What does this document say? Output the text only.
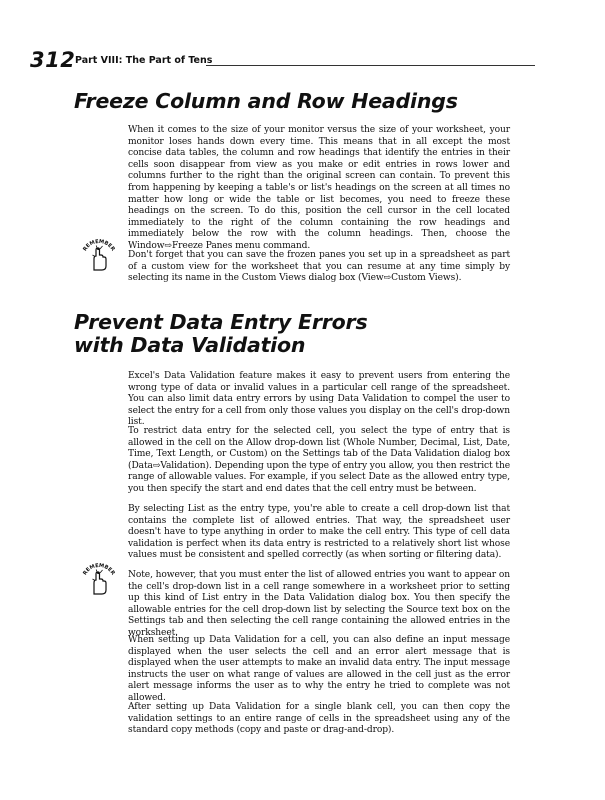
312 Part VIII: The Part of Tens
Freeze Column and Row Headings

When it comes to the size of your monitor versus the size of your worksheet, your monitor loses hands down every time. This means that in all except the most concise data tables, the column and row headings that identify the entries in their cells soon disappear from view as you make or edit entries in rows lower and columns further to the right than the original screen can contain. To prevent this from happening by keeping a table's or list's headings on the screen at all times no matter how long or wide the table or list becomes, you need to freeze these headings on the screen. To do this, position the cell cursor in the cell located immediately to the right of the column containing the row headings and immediately below the row with the column headings. Then, choose the Window⇨Freeze Panes menu command.

REMEMBER

Don't forget that you can save the frozen panes you set up in a spreadsheet as part of a custom view for the worksheet that you can resume at any time simply by selecting its name in the Custom Views dialog box (View⇨Custom Views).

Prevent Data Entry Errors
with Data Validation

Excel's Data Validation feature makes it easy to prevent users from entering the wrong type of data or invalid values in a particular cell range of the spreadsheet. You can also limit data entry errors by using Data Validation to compel the user to select the entry for a cell from only those values you display on the cell's drop-down list.

To restrict data entry for the selected cell, you select the type of entry that is allowed in the cell on the Allow drop-down list (Whole Number, Decimal, List, Date, Time, Text Length, or Custom) on the Settings tab of the Data Validation dialog box (Data⇨Validation). Depending upon the type of entry you allow, you then restrict the range of allowable values. For example, if you select Date as the allowed entry type, you then specify the start and end dates that the cell entry must be between.

By selecting List as the entry type, you're able to create a cell drop-down list that contains the complete list of allowed entries. That way, the spreadsheet user doesn't have to type anything in order to make the cell entry. This type of cell data validation is perfect when its data entry is restricted to a relatively short list whose values must be consistent and spelled correctly (as when sorting or filtering data).

REMEMBER Note, however, that you must enter the list of allowed entries you want to appear on the cell's drop-down list in a cell range somewhere in a worksheet prior to setting up this kind of List entry in the Data Validation dialog box. You then specify the allowable entries for the cell drop-down list by selecting the Source text box on the Settings tab and then selecting the cell range containing the allowed entries in the worksheet.

When setting up Data Validation for a cell, you can also define an input message displayed when the user selects the cell and an error alert message that is displayed when the user attempts to make an invalid data entry. The input message instructs the user on what range of values are allowed in the cell just as the error alert message informs the user as to why the entry he tried to complete was not allowed.

After setting up Data Validation for a single blank cell, you can then copy the validation settings to an entire range of cells in the spreadsheet using any of the standard copy methods (copy and paste or drag-and-drop).
